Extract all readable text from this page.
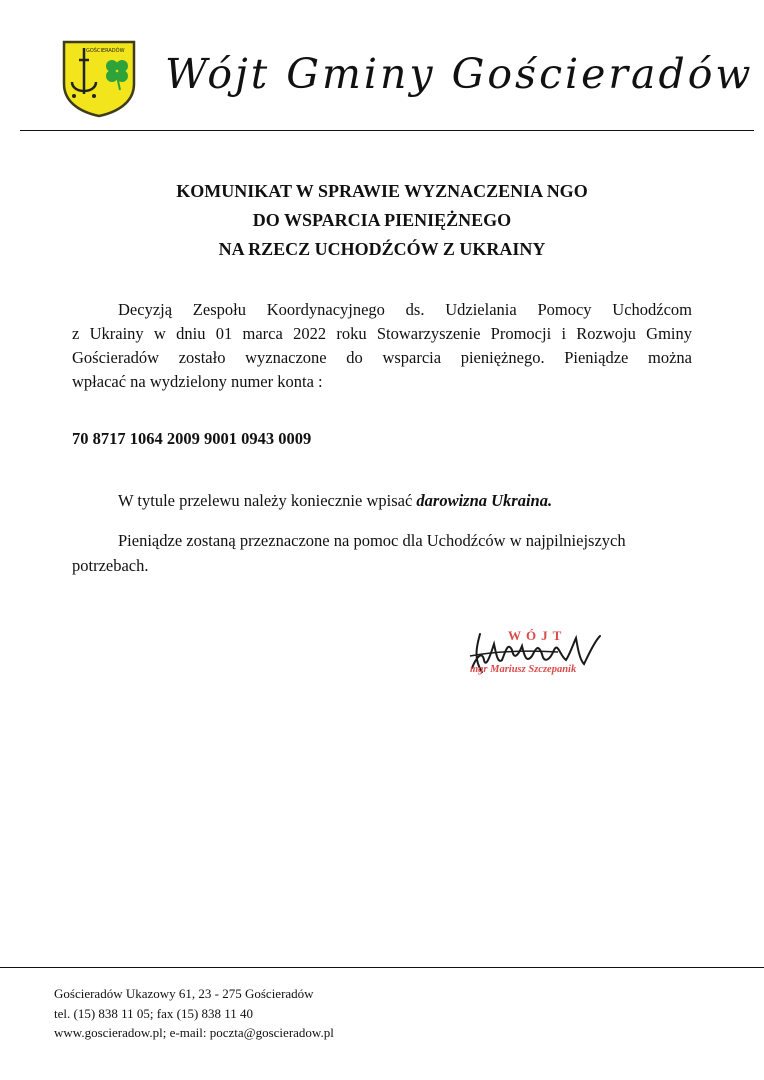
GOŚCIERADÓW Wójt Gminy Gościeradów
KOMUNIKAT W SPRAWIE WYZNACZENIA NGO
DO WSPARCIA PIENIĘŻNEGO
NA RZECZ UCHODŹCÓW Z UKRAINY
Decyzją Zespołu Koordynacyjnego ds. Udzielania Pomocy Uchodźcom
z Ukrainy w dniu 01 marca 2022 roku Stowarzyszenie Promocji i Rozwoju Gminy
Gościeradów zostało wyznaczone do wsparcia pieniężnego. Pieniądze można
wpłacać na wydzielony numer konta :
70 8717 1064 2009 9001 0943 0009
W tytule przelewu należy koniecznie wpisać darowizna Ukraina.
Pieniądze zostaną przeznaczone na pomoc dla Uchodźców w najpilniejszych
potrzebach.
WÓJT
mgr Mariusz Szczepanik
Gościeradów Ukazowy 61, 23 - 275 Gościeradów
tel. (15) 838 11 05; fax (15) 838 11 40
www.goscieradow.pl; e-mail: poczta@goscieradow.pl
